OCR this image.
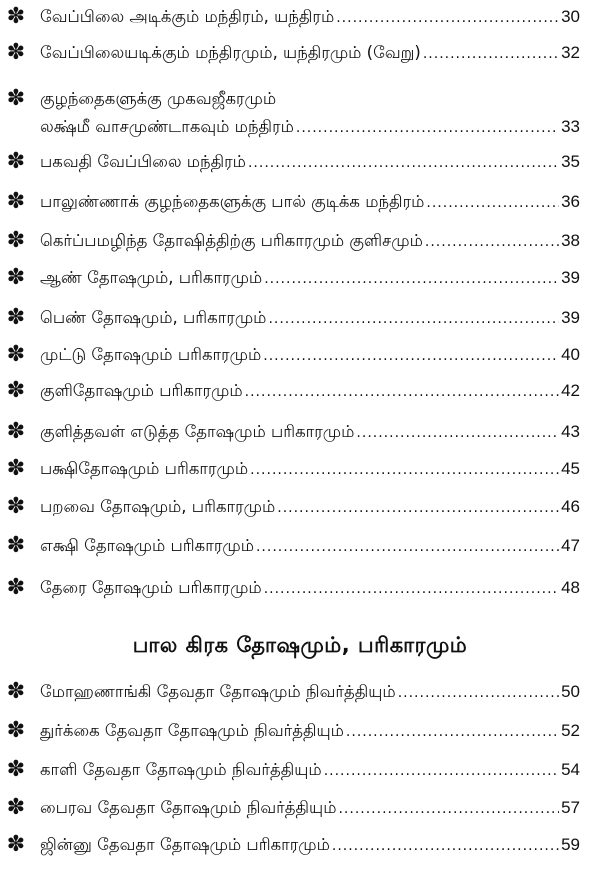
✽ வேப்பிலை அடிக்கும் மந்திரம், யந்திரம் .....	30
✽ வேப்பிலையடிக்கும் மந்திரமும், யந்திரமும் (வேறு) .....	32
✽ குழந்தைகளுக்கு முகவஜீகரமும்
லக்ஷ்மீ வாசமுண்டாகவும் மந்திரம் .....	33
✽ பகவதி வேப்பிலை மந்திரம் .....	35
✽ பாலுண்ணாக் குழந்தைகளுக்கு பால் குடிக்க மந்திரம் .....	36
✽ கெர்ப்பமழிந்த தோஷித்திற்கு பரிகாரமும் குளிசமும் .....	38
✽ ஆண் தோஷமும், பரிகாரமும் .....	39
✽ பெண் தோஷமும், பரிகாரமும் .....	39
✽ முட்டு தோஷமும் பரிகாரமும் .....	40
✽ குளிதோஷமும் பரிகாரமும் .....	42
✽ குளித்தவள் எடுத்த தோஷமும் பரிகாரமும் .....	43
✽ பக்ஷிதோஷமும் பரிகாரமும் .....	45
✽ பறவை தோஷமும், பரிகாரமும் .....	46
✽ எக்ஷி தோஷமும் பரிகாரமும் .....	47
✽ தேரை தோஷமும் பரிகாரமும் .....	48
பால கிரக தோஷமும், பரிகாரமும்
✽ மோஹணாங்கி தேவதா தோஷமும் நிவர்த்தியும் .....	50
✽ துர்க்கை தேவதா தோஷமும் நிவர்த்தியும் .....	52
✽ காளி தேவதா தோஷமும் நிவர்த்தியும் .....	54
✽ பைரவ தேவதா தோஷமும் நிவர்த்தியும் .....	57
✽ ஜின்னு தேவதா தோஷமும் பரிகாரமும் .....	59
